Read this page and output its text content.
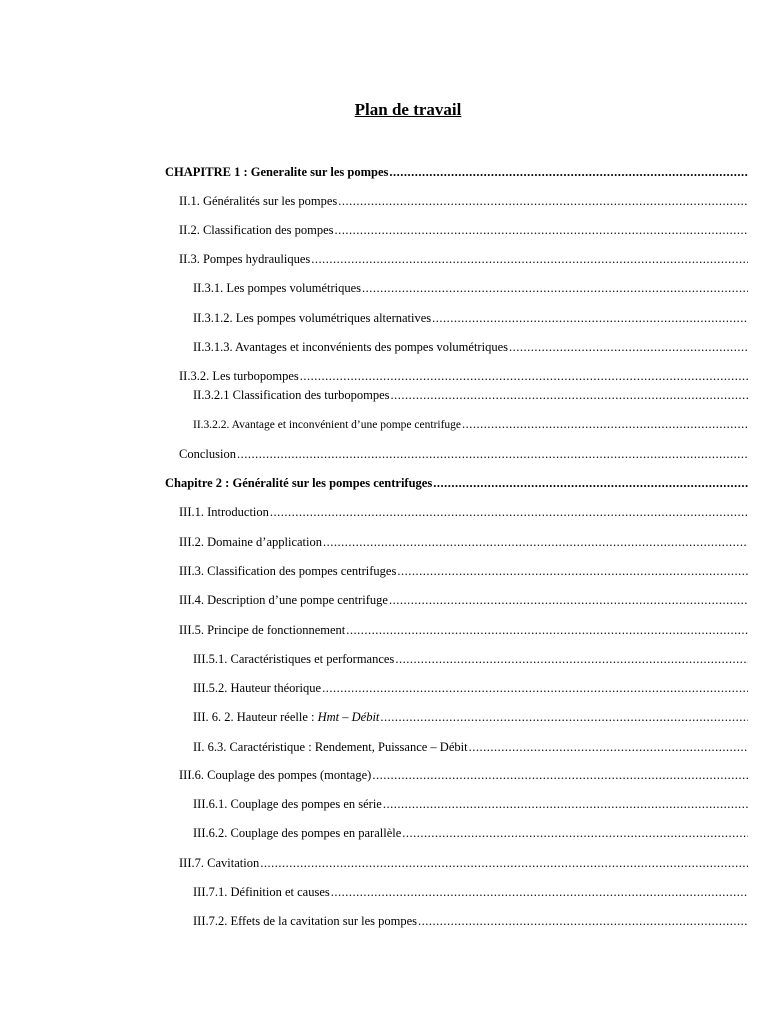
Plan de travail
CHAPITRE 1 : Generalite sur les pompes
.....
II.1. Généralités sur les pompes
.....
II.2. Classification des pompes
.....
II.3. Pompes hydrauliques
.....
II.3.1. Les pompes volumétriques
.....
II.3.1.2. Les pompes volumétriques alternatives
.....
II.3.1.3. Avantages et inconvénients des pompes volumétriques
.....
II.3.2. Les turbopompes
.....
II.3.2.1 Classification des turbopompes
.....
II.3.2.2. Avantage et inconvénient d’une pompe centrifuge
.....
Conclusion
.....
Chapitre 2 : Généralité sur les pompes centrifuges
.....
III.1. Introduction
.....
III.2. Domaine d’application
.....
III.3. Classification des pompes centrifuges
.....
III.4. Description d’une pompe centrifuge
.....
III.5. Principe de fonctionnement
.....
III.5.1. Caractéristiques et performances
.....
III.5.2. Hauteur théorique
.....
III. 6. 2. Hauteur réelle : Hmt – Débit
.....
II. 6.3. Caractéristique : Rendement, Puissance – Débit
.....
III.6. Couplage des pompes (montage)
.....
III.6.1. Couplage des pompes en série
.....
III.6.2. Couplage des pompes en parallèle
.....
III.7. Cavitation
.....
III.7.1. Définition et causes
.....
III.7.2. Effets de la cavitation sur les pompes
.....
